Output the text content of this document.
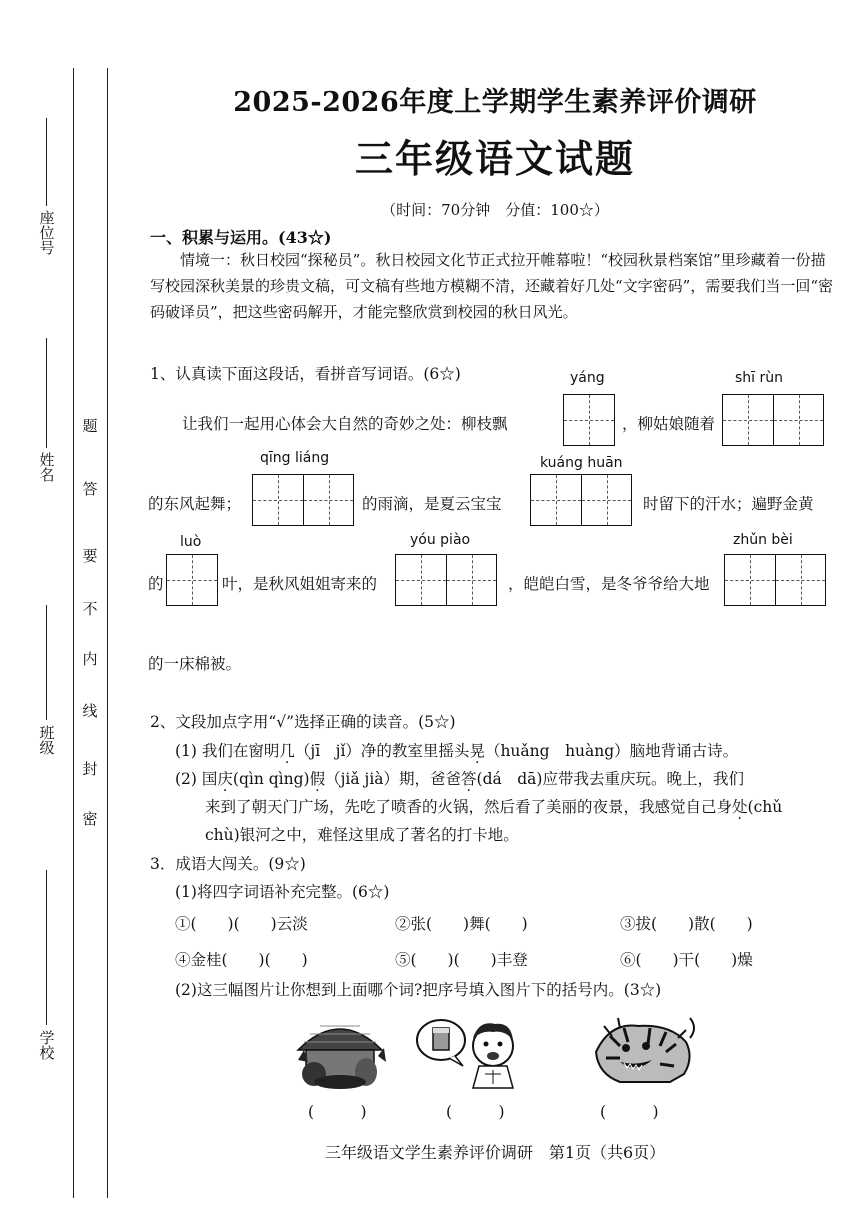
座位号
姓名
班级
学校
密
封
线
内
不
要
答
题
2025-2026年度上学期学生素养评价调研
三年级语文试题
（时间：70分钟　分值：100☆）
一、积累与运用。(43☆)
情境一：秋日校园“探秘员”。秋日校园文化节正式拉开帷幕啦！“校园秋景档案馆”里珍藏着一份描写校园深秋美景的珍贵文稿，可文稿有些地方模糊不清，还藏着好几处“文字密码”，需要我们当一回“密码破译员”，把这些密码解开，才能完整欣赏到校园的秋日风光。
1、认真读下面这段话，看拼音写词语。(6☆)	yáng	shī rùn
让我们一起用心体会大自然的奇妙之处：柳枝飘	，柳姑娘随着
qīng liáng	kuáng huān
的东风起舞；	的雨滴，是夏云宝宝	时留下的汗水；遍野金黄
luò	yóu piào	zhǔn bèi
的	叶，是秋风姐姐寄来的	，皑皑白雪，是冬爷爷给大地
的一床棉被。
2、文段加点字用“√”选择正确的读音。(5☆)
(1) 我们在窗明几（jī　jǐ）净的教室里摇头晃（huǎng　huàng）脑地背诵古诗。
(2) 国庆(qìn qìng)假（jiǎ jià）期，爸爸答(dá　dā)应带我去重庆玩。晚上，我们
来到了朝天门广场，先吃了喷香的火锅，然后看了美丽的夜景，我感觉自己身处(chǔ
chù)银河之中，难怪这里成了著名的打卡地。
3．成语大闯关。(9☆)
(1)将四字词语补充完整。(6☆)
①(　　)(　　)云淡	②张(　　)舞(　　)	③拔(　　)散(　　)
④金桂(　　)(　　)	⑤(　　)(　　)丰登	⑥(　　)干(　　)燥
(2)这三幅图片让你想到上面哪个词?把序号填入图片下的括号内。(3☆)
(　　　)	(　　　)	(　　　)
三年级语文学生素养评价调研　第1页（共6页）
